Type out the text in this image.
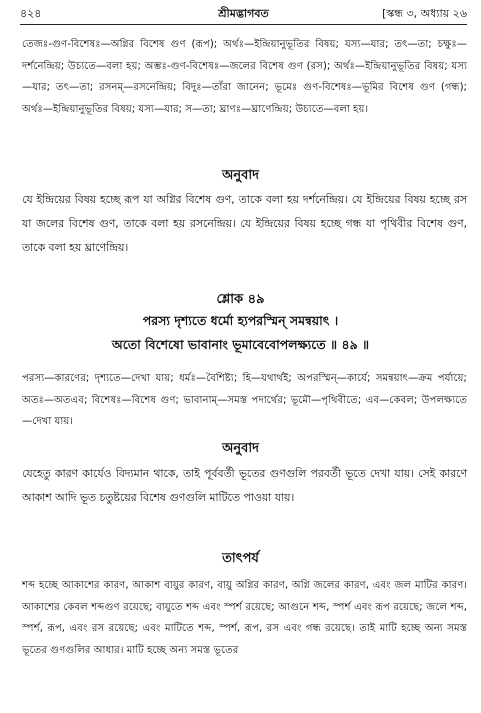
৪২৪	শ্রীমদ্ভাগবত	[স্কন্ধ ৩, অধ্যায় ২৬

তেজঃ-গুণ-বিশেষঃ—অগ্নির বিশেষ গুণ (রূপ); অর্থঃ—ইন্দ্রিয়ানুভূতির বিষয়; যস্য—যার; তৎ—তা; চক্ষুঃ—দর্শনেন্দ্রিয়; উচ্যতে—বলা হয়; অম্ভঃ-গুণ-বিশেষঃ—জলের বিশেষ গুণ (রস); অর্থঃ—ইন্দ্রিয়ানুভূতির বিষয়; যস্য—যার; তৎ—তা; রসনম্—রসনেন্দ্রিয়; বিদুঃ—তাঁরা জানেন; ভূমেঃ গুণ-বিশেষঃ—ভূমির বিশেষ গুণ (গন্ধ); অর্থঃ—ইন্দ্রিয়ানুভূতির বিষয়; যস্য—যার; স—তা; ঘ্রাণঃ—ঘ্রাণেন্দ্রিয়; উচ্যতে—বলা হয়।

অনুবাদ

যে ইন্দ্রিয়ের বিষয় হচ্ছে রূপ যা অগ্নির বিশেষ গুণ, তাকে বলা হয় দর্শনেন্দ্রিয়। যে ইন্দ্রিয়ের বিষয় হচ্ছে রস যা জলের বিশেষ গুণ, তাকে বলা হয় রসনেন্দ্রিয়। যে ইন্দ্রিয়ের বিষয় হচ্ছে গন্ধ যা পৃথিবীর বিশেষ গুণ, তাকে বলা হয় ঘ্রাণেন্দ্রিয়।

শ্লোক ৪৯

পরস্য দৃশ্যতে ধর্মো হ্যপরস্মিন্ সমন্বয়াৎ ।

অতো বিশেষো ভাবানাং ভূমাবেবোপলক্ষ্যতে ॥ ৪৯ ॥

পরস্য—কারণের; দৃশ্যতে—দেখা যায়; ধর্মঃ—বৈশিষ্ট্য; হি—যথার্থই; অপরস্মিন্—কার্যে; সমন্বয়াৎ—ক্রম পর্যায়ে; অতঃ—অতএব; বিশেষঃ—বিশেষ গুণ; ভাবানাম্—সমস্ত পদার্থের; ভূমৌ—পৃথিবীতে; এব—কেবল; উপলক্ষ্যতে—দেখা যায়।

অনুবাদ

যেহেতু কারণ কার্যেও বিদ্যমান থাকে, তাই পূর্ববর্তী ভূতের গুণগুলি পরবর্তী ভূতে দেখা যায়। সেই কারণে আকাশ আদি ভূত চতুষ্টয়ের বিশেষ গুণগুলি মাটিতে পাওয়া যায়।

তাৎপর্য

শব্দ হচ্ছে আকাশের কারণ, আকাশ বায়ুর কারণ, বায়ু অগ্নির কারণ, অগ্নি জলের কারণ, এবং জল মাটির কারণ। আকাশের কেবল শব্দগুণ রয়েছে; বায়ুতে শব্দ এবং স্পর্শ রয়েছে; আগুনে শব্দ, স্পর্শ এবং রূপ রয়েছে; জলে শব্দ, স্পর্শ, রূপ, এবং রস রয়েছে; এবং মাটিতে শব্দ, স্পর্শ, রূপ, রস এবং গন্ধ রয়েছে। তাই মাটি হচ্ছে অন্য সমস্ত ভূতের গুণগুলির আধার। মাটি হচ্ছে অন্য সমস্ত ভূতের
